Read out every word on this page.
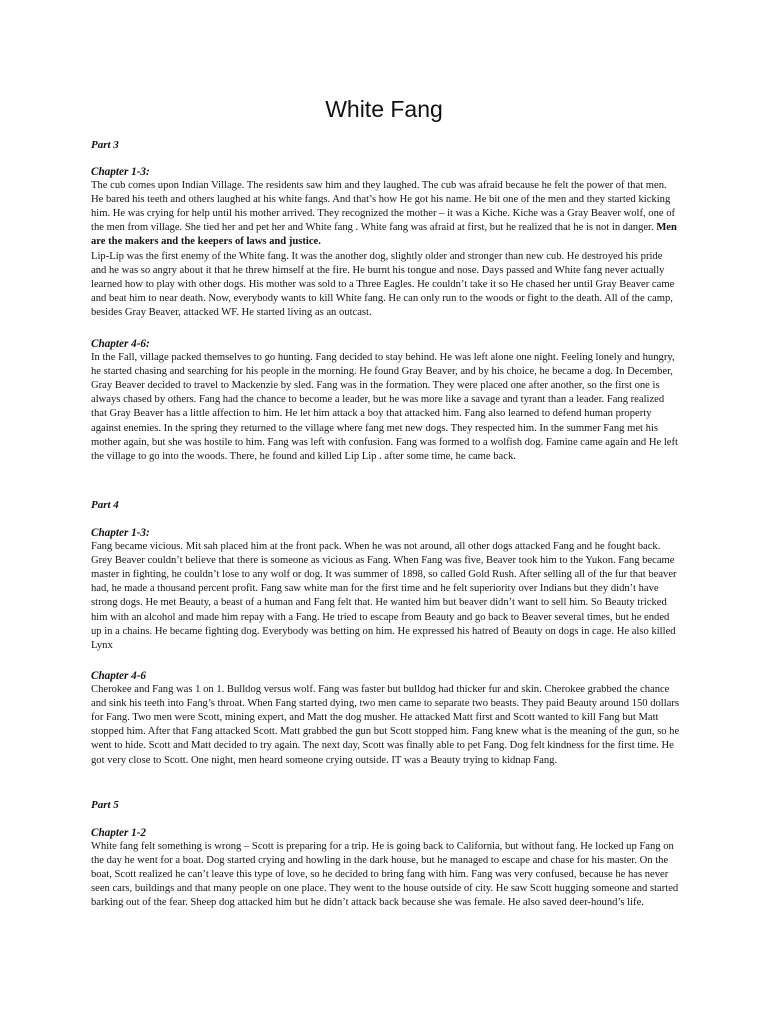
White Fang

Part 3

Chapter 1-3:

The cub comes upon Indian Village. The residents saw him and they laughed. The cub was afraid because he felt the power of that men. He bared his teeth and others laughed at his white fangs. And that’s how He got his name. He bit one of the men and they started kicking him. He was crying for help until his mother arrived. They recognized the mother – it was a Kiche. Kiche was a Gray Beaver wolf, one of the men from village. She tied her and pet her and White fang . White fang was afraid at first, but he realized that he is not in danger. Men are the makers and the keepers of laws and justice.

Lip-Lip was the first enemy of the White fang. It was the another dog, slightly older and stronger than new cub. He destroyed his pride and he was so angry about it that he threw himself at the fire. He burnt his tongue and nose. Days passed and White fang never actually learned how to play with other dogs. His mother was sold to a Three Eagles. He couldn’t take it so He chased her until Gray Beaver came and beat him to near death. Now, everybody wants to kill White fang. He can only run to the woods or fight to the death. All of the camp, besides Gray Beaver, attacked WF. He started living as an outcast.

Chapter 4-6:

In the Fall, village packed themselves to go hunting. Fang decided to stay behind. He was left alone one night. Feeling lonely and hungry, he started chasing and searching for his people in the morning. He found Gray Beaver, and by his choice, he became a dog. In December, Gray Beaver decided to travel to Mackenzie by sled. Fang was in the formation. They were placed one after another, so the first one is always chased by others. Fang had the chance to become a leader, but he was more like a savage and tyrant than a leader. Fang realized that Gray Beaver has a little affection to him. He let him attack a boy that attacked him. Fang also learned to defend human property against enemies. In the spring they returned to the village where fang met new dogs. They respected him. In the summer Fang met his mother again, but she was hostile to him. Fang was left with confusion. Fang was formed to a wolfish dog. Famine came again and He left the village to go into the woods. There, he found and killed Lip Lip . after some time, he came back.

Part 4

Chapter 1-3:

Fang became vicious. Mit sah placed him at the front pack. When he was not around, all other dogs attacked Fang and he fought back. Grey Beaver couldn’t believe that there is someone as vicious as Fang. When Fang was five, Beaver took him to the Yukon. Fang became master in fighting, he couldn’t lose to any wolf or dog. It was summer of 1898, so called Gold Rush. After selling all of the fur that beaver had, he made a thousand percent profit. Fang saw white man for the first time and he felt superiority over Indians but they didn’t have strong dogs. He met Beauty, a beast of a human and Fang felt that. He wanted him but beaver didn’t want to sell him. So Beauty tricked him with an alcohol and made him repay with a Fang. He tried to escape from Beauty and go back to Beaver several times, but he ended up in a chains. He became fighting dog. Everybody was betting on him. He expressed his hatred of Beauty on dogs in cage. He also killed Lynx

Chapter 4-6

Cherokee and Fang was 1 on 1. Bulldog versus wolf. Fang was faster but bulldog had thicker fur and skin. Cherokee grabbed the chance and sink his teeth into Fang’s throat. When Fang started dying, two men came to separate two beasts. They paid Beauty around 150 dollars for Fang. Two men were Scott, mining expert, and Matt the dog musher. He attacked Matt first and Scott wanted to kill Fang but Matt stopped him. After that Fang attacked Scott. Matt grabbed the gun but Scott stopped him. Fang knew what is the meaning of the gun, so he went to hide. Scott and Matt decided to try again. The next day, Scott was finally able to pet Fang. Dog felt kindness for the first time. He got very close to Scott. One night, men heard someone crying outside. IT was a Beauty trying to kidnap Fang.

Part 5

Chapter 1-2

White fang felt something is wrong – Scott is preparing for a trip. He is going back to California, but without fang. He locked up Fang on the day he went for a boat. Dog started crying and howling in the dark house, but he managed to escape and chase for his master. On the boat, Scott realized he can’t leave this type of love, so he decided to bring fang with him. Fang was very confused, because he has never seen cars, buildings and that many people on one place. They went to the house outside of city. He saw Scott hugging someone and started barking out of the fear. Sheep dog attacked him but he didn’t attack back because she was female. He also saved deer-hound’s life.
